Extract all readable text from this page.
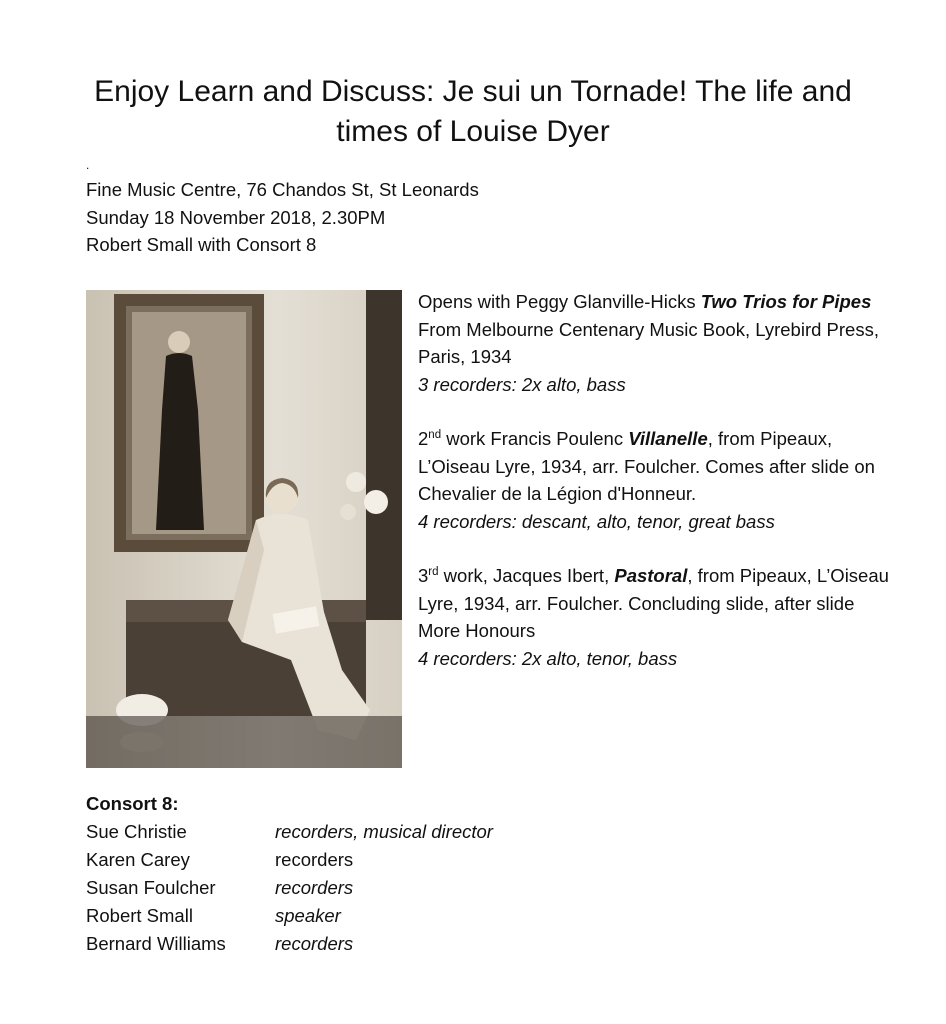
Enjoy Learn and Discuss: Je sui un Tornade! The life and
times of Louise Dyer
.
Fine Music Centre, 76 Chandos St, St Leonards
Sunday 18 November 2018, 2.30PM
Robert Small with Consort 8

Opens with Peggy Glanville-Hicks Two Trios for Pipes
From Melbourne Centenary Music Book, Lyrebird Press, Paris, 1934
3 recorders: 2x alto, bass

2nd work Francis Poulenc Villanelle, from Pipeaux, L’Oiseau Lyre, 1934, arr. Foulcher. Comes after slide on Chevalier de la Légion d'Honneur.
4 recorders: descant, alto, tenor, great bass

3rd work, Jacques Ibert, Pastoral, from Pipeaux, L’Oiseau Lyre, 1934, arr. Foulcher. Concluding slide, after slide More Honours
4 recorders: 2x alto, tenor, bass

Consort 8:
Sue Christie	recorders, musical director
Karen Carey	recorders
Susan Foulcher	recorders
Robert Small	speaker
Bernard Williams	recorders
